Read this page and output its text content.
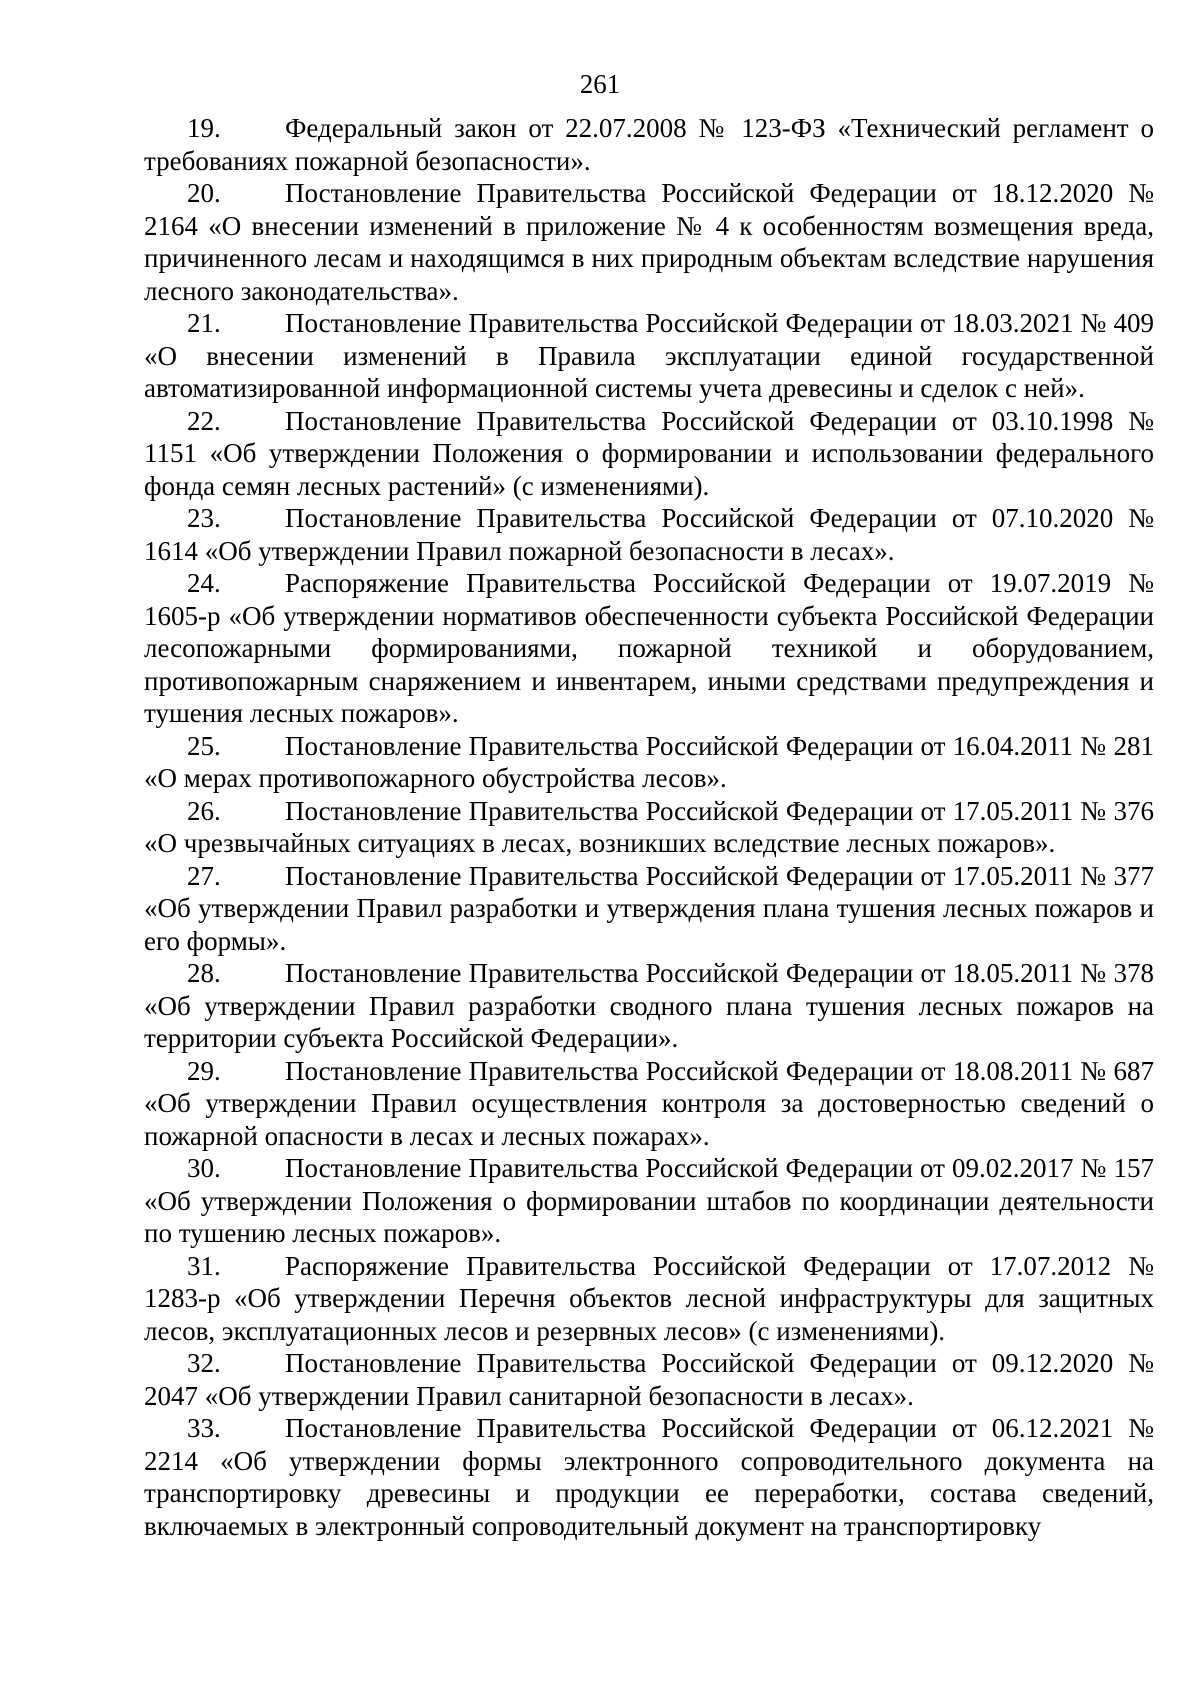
261

19. Федеральный закон от 22.07.2008 № 123-ФЗ «Технический регламент о требованиях пожарной безопасности».

20. Постановление Правительства Российской Федерации от 18.12.2020 № 2164 «О внесении изменений в приложение № 4 к особенностям возмещения вреда, причиненного лесам и находящимся в них природным объектам вследствие нарушения лесного законодательства».

21. Постановление Правительства Российской Федерации от 18.03.2021 № 409 «О внесении изменений в Правила эксплуатации единой государственной автоматизированной информационной системы учета древесины и сделок с ней».

22. Постановление Правительства Российской Федерации от 03.10.1998 № 1151 «Об утверждении Положения о формировании и использовании федерального фонда семян лесных растений» (с изменениями).

23. Постановление Правительства Российской Федерации от 07.10.2020 № 1614 «Об утверждении Правил пожарной безопасности в лесах».

24. Распоряжение Правительства Российской Федерации от 19.07.2019 № 1605-р «Об утверждении нормативов обеспеченности субъекта Российской Федерации лесопожарными формированиями, пожарной техникой и оборудованием, противопожарным снаряжением и инвентарем, иными средствами предупреждения и тушения лесных пожаров».

25. Постановление Правительства Российской Федерации от 16.04.2011 № 281 «О мерах противопожарного обустройства лесов».

26. Постановление Правительства Российской Федерации от 17.05.2011 № 376 «О чрезвычайных ситуациях в лесах, возникших вследствие лесных пожаров».

27. Постановление Правительства Российской Федерации от 17.05.2011 № 377 «Об утверждении Правил разработки и утверждения плана тушения лесных пожаров и его формы».

28. Постановление Правительства Российской Федерации от 18.05.2011 № 378 «Об утверждении Правил разработки сводного плана тушения лесных пожаров на территории субъекта Российской Федерации».

29. Постановление Правительства Российской Федерации от 18.08.2011 № 687 «Об утверждении Правил осуществления контроля за достоверностью сведений о пожарной опасности в лесах и лесных пожарах».

30. Постановление Правительства Российской Федерации от 09.02.2017 № 157 «Об утверждении Положения о формировании штабов по координации деятельности по тушению лесных пожаров».

31. Распоряжение Правительства Российской Федерации от 17.07.2012 № 1283-р «Об утверждении Перечня объектов лесной инфраструктуры для защитных лесов, эксплуатационных лесов и резервных лесов» (с изменениями).

32. Постановление Правительства Российской Федерации от 09.12.2020 № 2047 «Об утверждении Правил санитарной безопасности в лесах».

33. Постановление Правительства Российской Федерации от 06.12.2021 № 2214 «Об утверждении формы электронного сопроводительного документа на транспортировку древесины и продукции ее переработки, состава сведений, включаемых в электронный сопроводительный документ на транспортировку
